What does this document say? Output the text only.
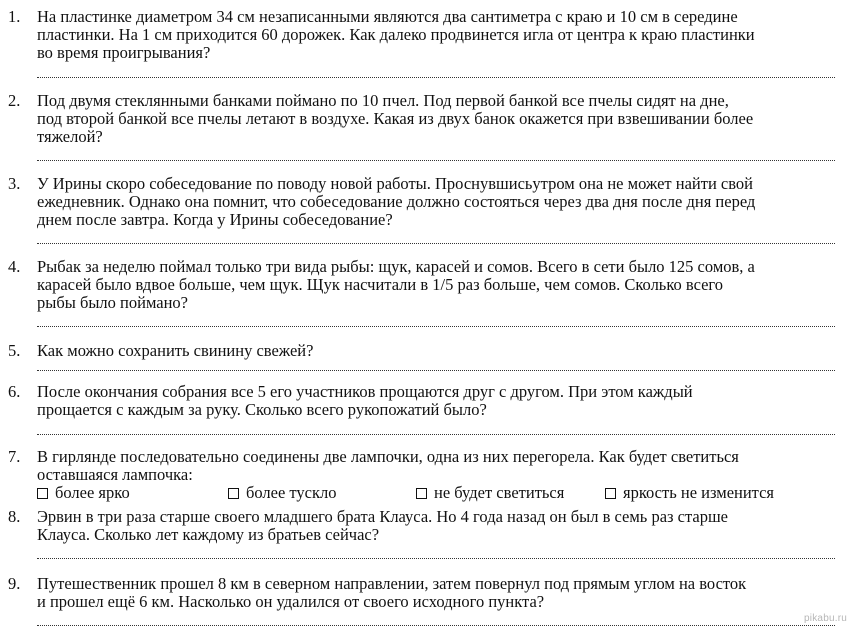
1. На пластинке диаметром 34 см незаписанными являются два сантиметра с краю и 10 см в середине
пластинки. На 1 см приходится 60 дорожек. Как далеко продвинется игла от центра к краю пластинки
во время проигрывания?
2. Под двумя стеклянными банками поймано по 10 пчел. Под первой банкой все пчелы сидят на дне,
под второй банкой все пчелы летают в воздухе. Какая из двух банок окажется при взвешивании более
тяжелой?
3. У Ирины скоро собеседование по поводу новой работы. Проснувшисьутром она не может найти свой
ежедневник. Однако она помнит, что собеседование должно состояться через два дня после дня перед
днем после завтра. Когда у Ирины собеседование?
4. Рыбак за неделю поймал только три вида рыбы: щук, карасей и сомов. Всего в сети было 125 сомов, а
карасей было вдвое больше, чем щук. Щук насчитали в 1/5 раз больше, чем сомов. Сколько всего
рыбы было поймано?
5. Как можно сохранить свинину свежей?
6. После окончания собрания все 5 его участников прощаются друг с другом. При этом каждый
прощается с каждым за руку. Сколько всего рукопожатий было?
7. В гирлянде последовательно соединены две лампочки, одна из них перегорела. Как будет светиться
оставшаяся лампочка:
более ярко	более тускло	не будет светиться	яркость не изменится
8. Эрвин в три раза старше своего младшего брата Клауса. Но 4 года назад он был в семь раз старше
Клауса. Сколько лет каждому из братьев сейчас?
9. Путешественник прошел 8 км в северном направлении, затем повернул под прямым углом на восток
и прошел ещё 6 км. Насколько он удалился от своего исходного пункта?
pikabu.ru
